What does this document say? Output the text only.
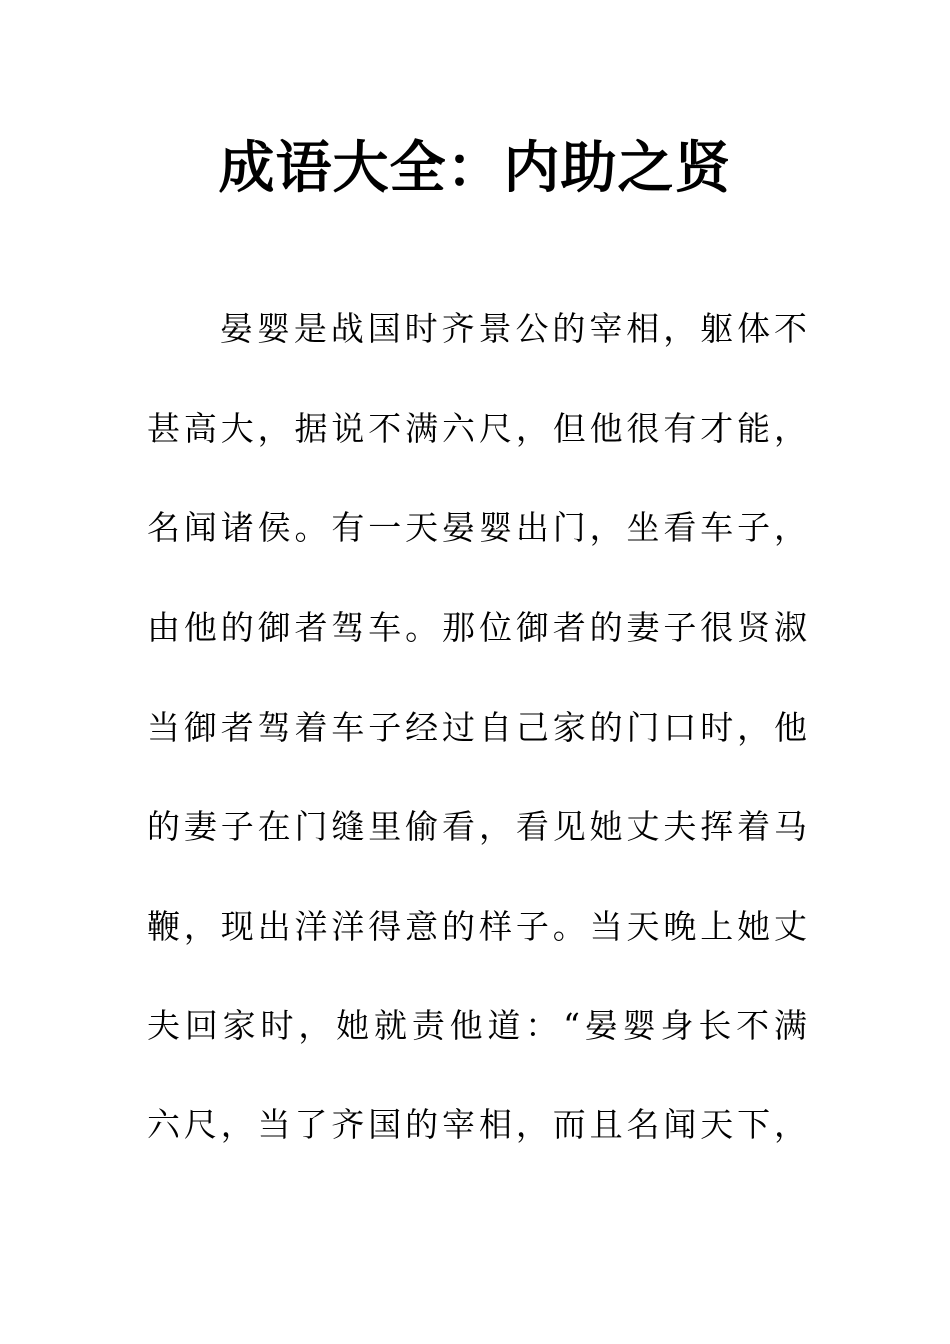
成语大全：内助之贤
晏婴是战国时齐景公的宰相，躯体不
甚高大，据说不满六尺，但他很有才能，
名闻诸侯。有一天晏婴出门，坐看车子，
由他的御者驾车。那位御者的妻子很贤淑
当御者驾着车子经过自己家的门口时，他
的妻子在门缝里偷看，看见她丈夫挥着马
鞭，现出洋洋得意的样子。当天晚上她丈
夫回家时，她就责他道：“晏婴身长不满
六尺，当了齐国的宰相，而且名闻天下，
